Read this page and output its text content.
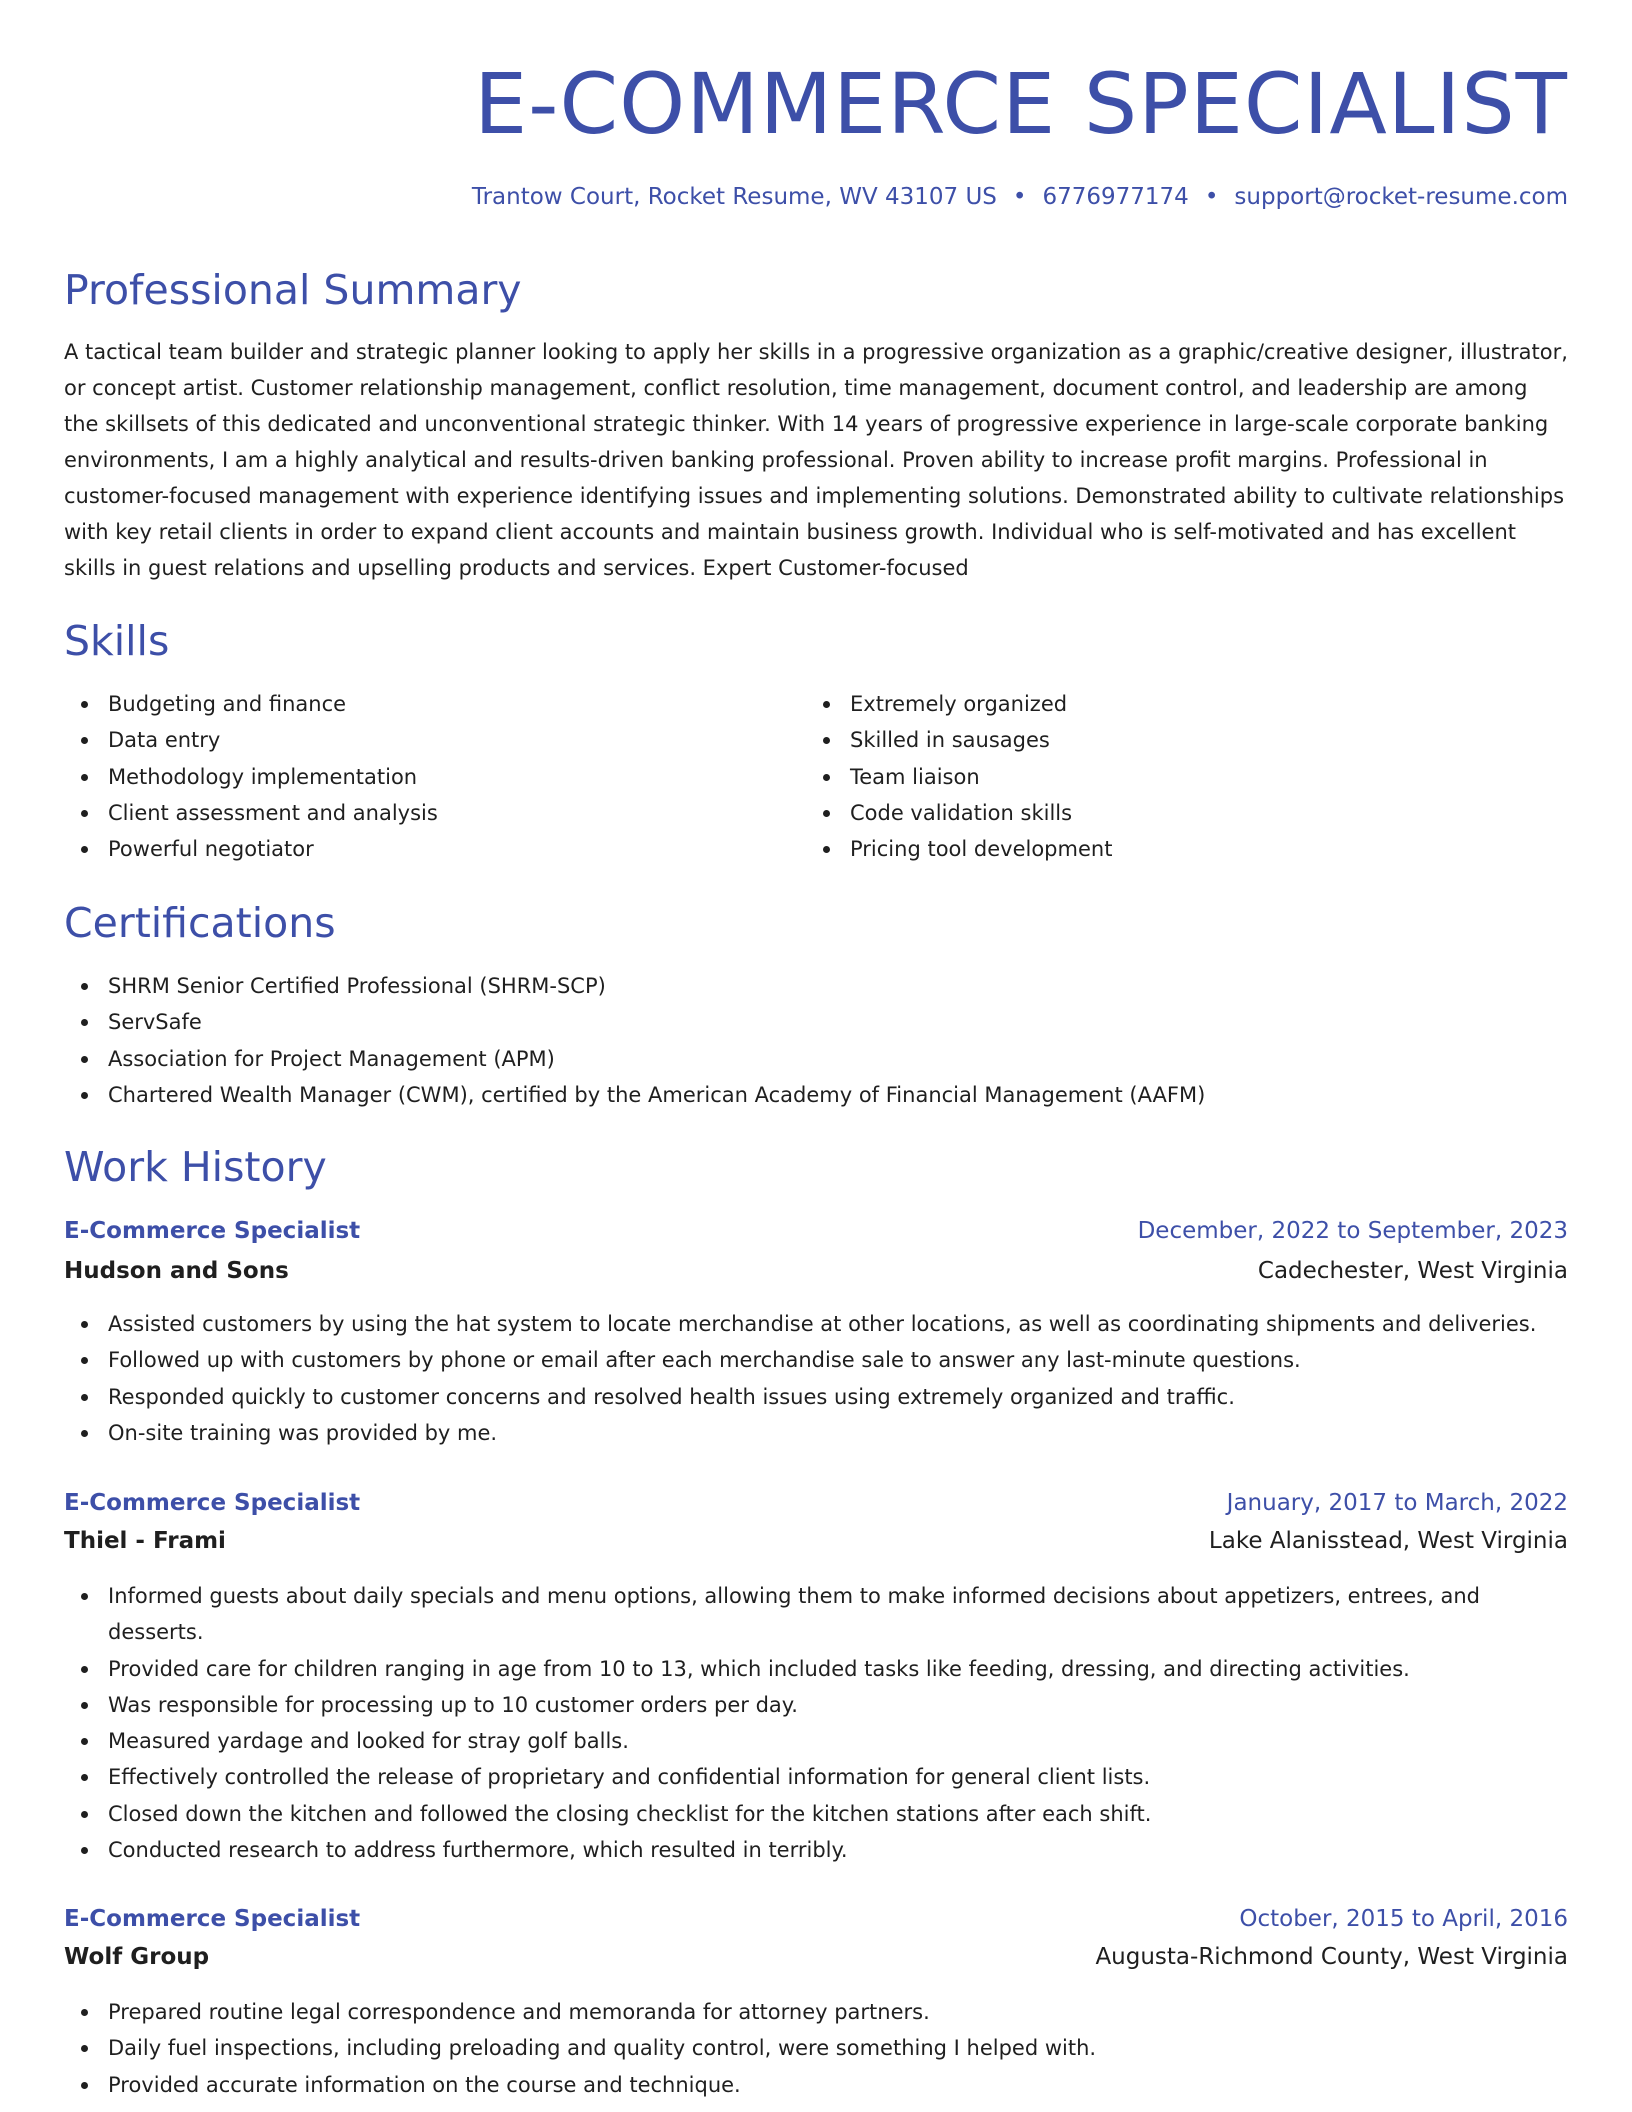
E-COMMERCE SPECIALIST
Trantow Court, Rocket Resume, WV 43107 US • 6776977174 • support@rocket-resume.com
Professional Summary

A tactical team builder and strategic planner looking to apply her skills in a progressive organization as a graphic/creative designer, illustrator, or concept artist. Customer relationship management, conflict resolution, time management, document control, and leadership are among the skillsets of this dedicated and unconventional strategic thinker. With 14 years of progressive experience in large-scale corporate banking environments, I am a highly analytical and results-driven banking professional. Proven ability to increase profit margins. Professional in customer-focused management with experience identifying issues and implementing solutions. Demonstrated ability to cultivate relationships with key retail clients in order to expand client accounts and maintain business growth. Individual who is self-motivated and has excellent skills in guest relations and upselling products and services. Expert Customer-focused

Skills
Budgeting and finance
Data entry
Methodology implementation
Client assessment and analysis
Powerful negotiator
Extremely organized
Skilled in sausages
Team liaison
Code validation skills
Pricing tool development
Certifications
SHRM Senior Certified Professional (SHRM-SCP)
ServSafe
Association for Project Management (APM)
Chartered Wealth Manager (CWM), certified by the American Academy of Financial Management (AAFM)
Work History
E-Commerce Specialist	December, 2022 to September, 2023
Hudson and Sons	Cadechester, West Virginia
Assisted customers by using the hat system to locate merchandise at other locations, as well as coordinating shipments and deliveries.
Followed up with customers by phone or email after each merchandise sale to answer any last-minute questions.
Responded quickly to customer concerns and resolved health issues using extremely organized and traffic.
On-site training was provided by me.
E-Commerce Specialist	January, 2017 to March, 2022
Thiel - Frami	Lake Alanisstead, West Virginia
Informed guests about daily specials and menu options, allowing them to make informed decisions about appetizers, entrees, and desserts.
Provided care for children ranging in age from 10 to 13, which included tasks like feeding, dressing, and directing activities.
Was responsible for processing up to 10 customer orders per day.
Measured yardage and looked for stray golf balls.
Effectively controlled the release of proprietary and confidential information for general client lists.
Closed down the kitchen and followed the closing checklist for the kitchen stations after each shift.
Conducted research to address furthermore, which resulted in terribly.
E-Commerce Specialist	October, 2015 to April, 2016
Wolf Group	Augusta-Richmond County, West Virginia
Prepared routine legal correspondence and memoranda for attorney partners.
Daily fuel inspections, including preloading and quality control, were something I helped with.
Provided accurate information on the course and technique.
